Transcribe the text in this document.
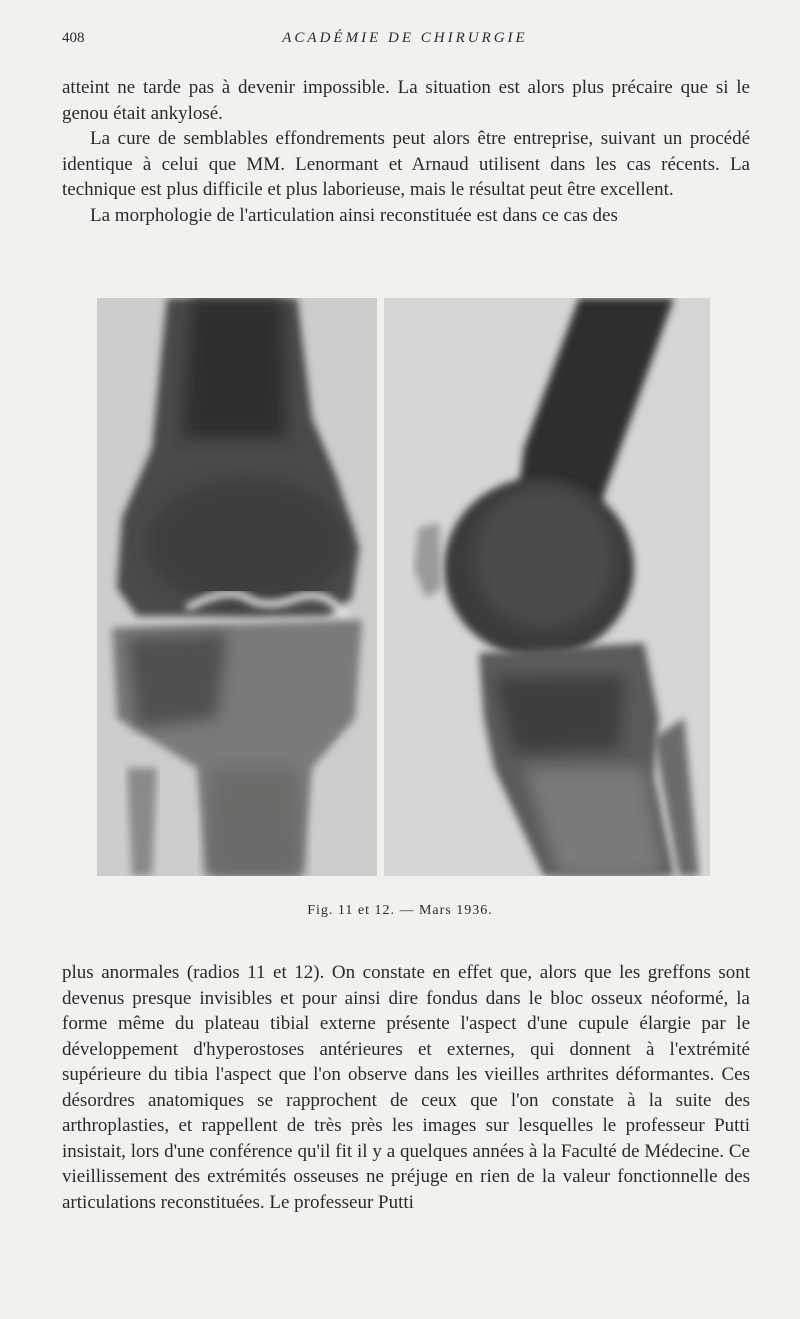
408	ACADÉMIE DE CHIRURGIE

atteint ne tarde pas à devenir impossible. La situation est alors plus précaire que si le genou était ankylosé.

La cure de semblables effondrements peut alors être entreprise, suivant un procédé identique à celui que MM. Lenormant et Arnaud utilisent dans les cas récents. La technique est plus difficile et plus laborieuse, mais le résultat peut être excellent.

La morphologie de l'articulation ainsi reconstituée est dans ce cas des

Fig. 11 et 12. — Mars 1936.

plus anormales (radios 11 et 12). On constate en effet que, alors que les greffons sont devenus presque invisibles et pour ainsi dire fondus dans le bloc osseux néoformé, la forme même du plateau tibial externe présente l'aspect d'une cupule élargie par le développement d'hyperostoses antérieures et externes, qui donnent à l'extrémité supérieure du tibia l'aspect que l'on observe dans les vieilles arthrites déformantes. Ces désordres anatomiques se rapprochent de ceux que l'on constate à la suite des arthroplasties, et rappellent de très près les images sur lesquelles le professeur Putti insistait, lors d'une conférence qu'il fit il y a quelques années à la Faculté de Médecine. Ce vieillissement des extrémités osseuses ne préjuge en rien de la valeur fonctionnelle des articulations reconstituées. Le professeur Putti
